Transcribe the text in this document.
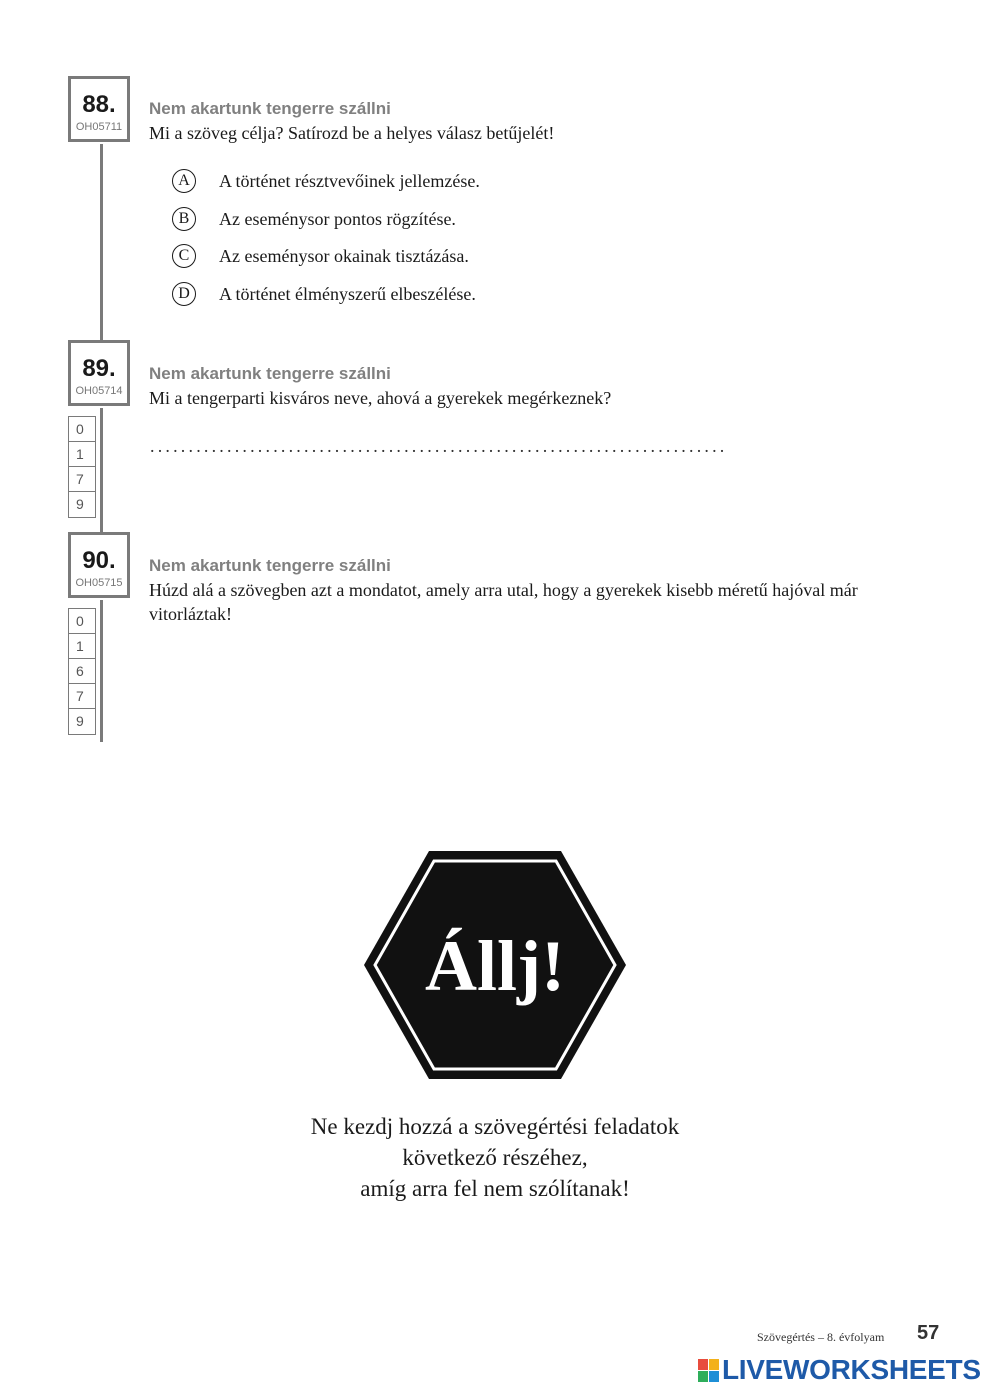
88.
OH05711
Nem akartunk tengerre szállni
Mi a szöveg célja? Satírozd be a helyes válasz betűjelét!
A	A történet résztvevőinek jellemzése.
B	Az eseménysor pontos rögzítése.
C	Az eseménysor okainak tisztázása.
D	A történet élményszerű elbeszélése.
89.
OH05714
0
1
7
9
Nem akartunk tengerre szállni
Mi a tengerparti kisváros neve, ahová a gyerekek megérkeznek?
...........................................................................
90.
OH05715
0
1
6
7
9
Nem akartunk tengerre szállni
Húzd alá a szövegben azt a mondatot, amely arra utal, hogy a gyerekek kisebb méretű hajóval már vitorláztak!
Állj!
Ne kezdj hozzá a szövegértési feladatok
következő részéhez,
amíg arra fel nem szólítanak!
Szövegértés – 8. évfolyam 57
LIVEWORKSHEETS
